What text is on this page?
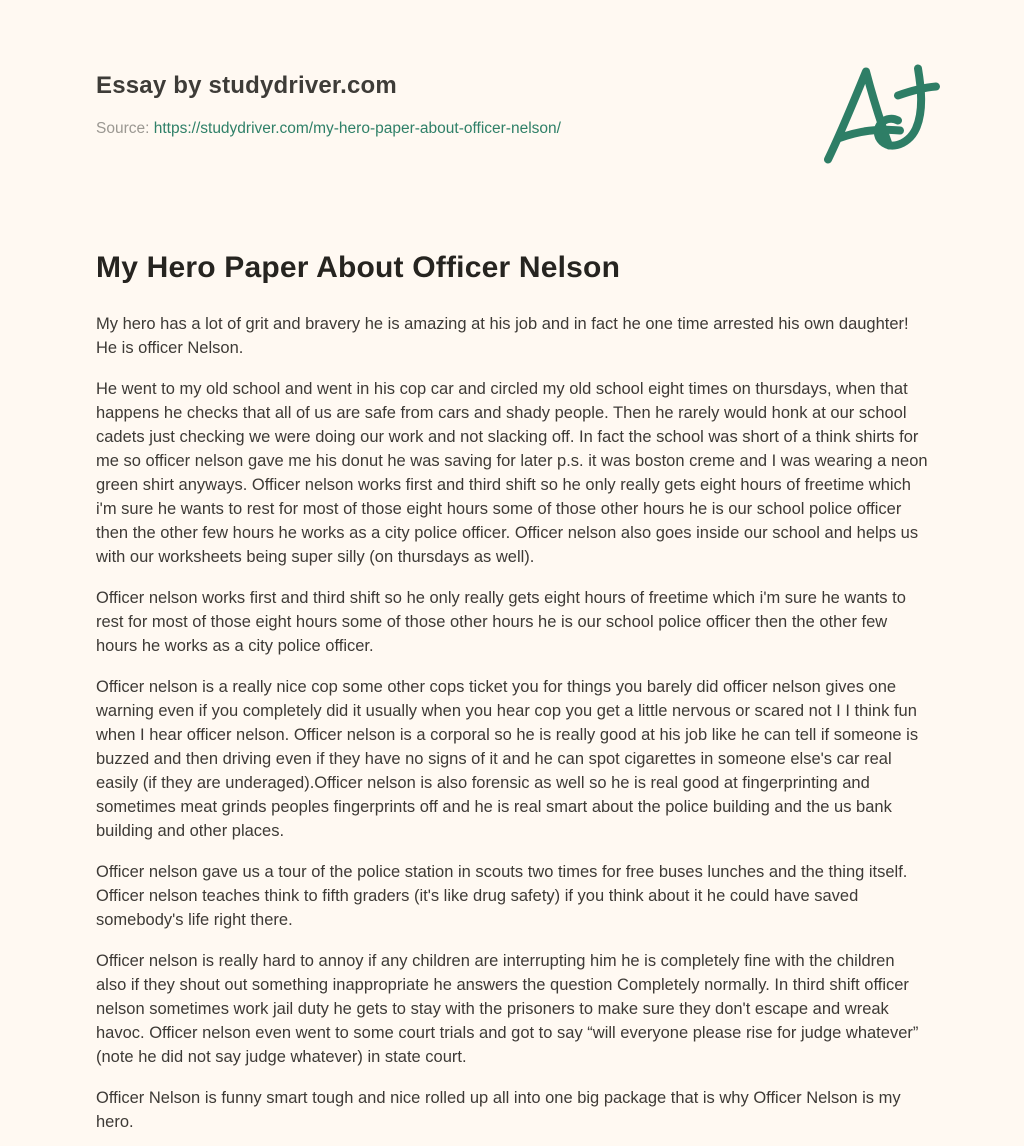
Essay by studydriver.com

Source: https://studydriver.com/my-hero-paper-about-officer-nelson/

My Hero Paper About Officer Nelson

My hero has a lot of grit and bravery he is amazing at his job and in fact he one time arrested his own daughter! He is officer Nelson.

He went to my old school and went in his cop car and circled my old school eight times on thursdays, when that happens he checks that all of us are safe from cars and shady people. Then he rarely would honk at our school cadets just checking we were doing our work and not slacking off. In fact the school was short of a think shirts for me so officer nelson gave me his donut he was saving for later p.s. it was boston creme and I was wearing a neon green shirt anyways. Officer nelson works first and third shift so he only really gets eight hours of freetime which i'm sure he wants to rest for most of those eight hours some of those other hours he is our school police officer then the other few hours he works as a city police officer. Officer nelson also goes inside our school and helps us with our worksheets being super silly (on thursdays as well).

Officer nelson works first and third shift so he only really gets eight hours of freetime which i'm sure he wants to rest for most of those eight hours some of those other hours he is our school police officer then the other few hours he works as a city police officer.

Officer nelson is a really nice cop some other cops ticket you for things you barely did officer nelson gives one warning even if you completely did it usually when you hear cop you get a little nervous or scared not I I think fun when I hear officer nelson. Officer nelson is a corporal so he is really good at his job like he can tell if someone is buzzed and then driving even if they have no signs of it and he can spot cigarettes in someone else's car real easily (if they are underaged).Officer nelson is also forensic as well so he is real good at fingerprinting and sometimes meat grinds peoples fingerprints off and he is real smart about the police building and the us bank building and other places.

Officer nelson gave us a tour of the police station in scouts two times for free buses lunches and the thing itself. Officer nelson teaches think to fifth graders (it's like drug safety) if you think about it he could have saved somebody's life right there.

Officer nelson is really hard to annoy if any children are interrupting him he is completely fine with the children also if they shout out something inappropriate he answers the question Completely normally. In third shift officer nelson sometimes work jail duty he gets to stay with the prisoners to make sure they don't escape and wreak havoc. Officer nelson even went to some court trials and got to say “will everyone please rise for judge whatever” (note he did not say judge whatever) in state court.

Officer Nelson is funny smart tough and nice rolled up all into one big package that is why Officer Nelson is my hero.
